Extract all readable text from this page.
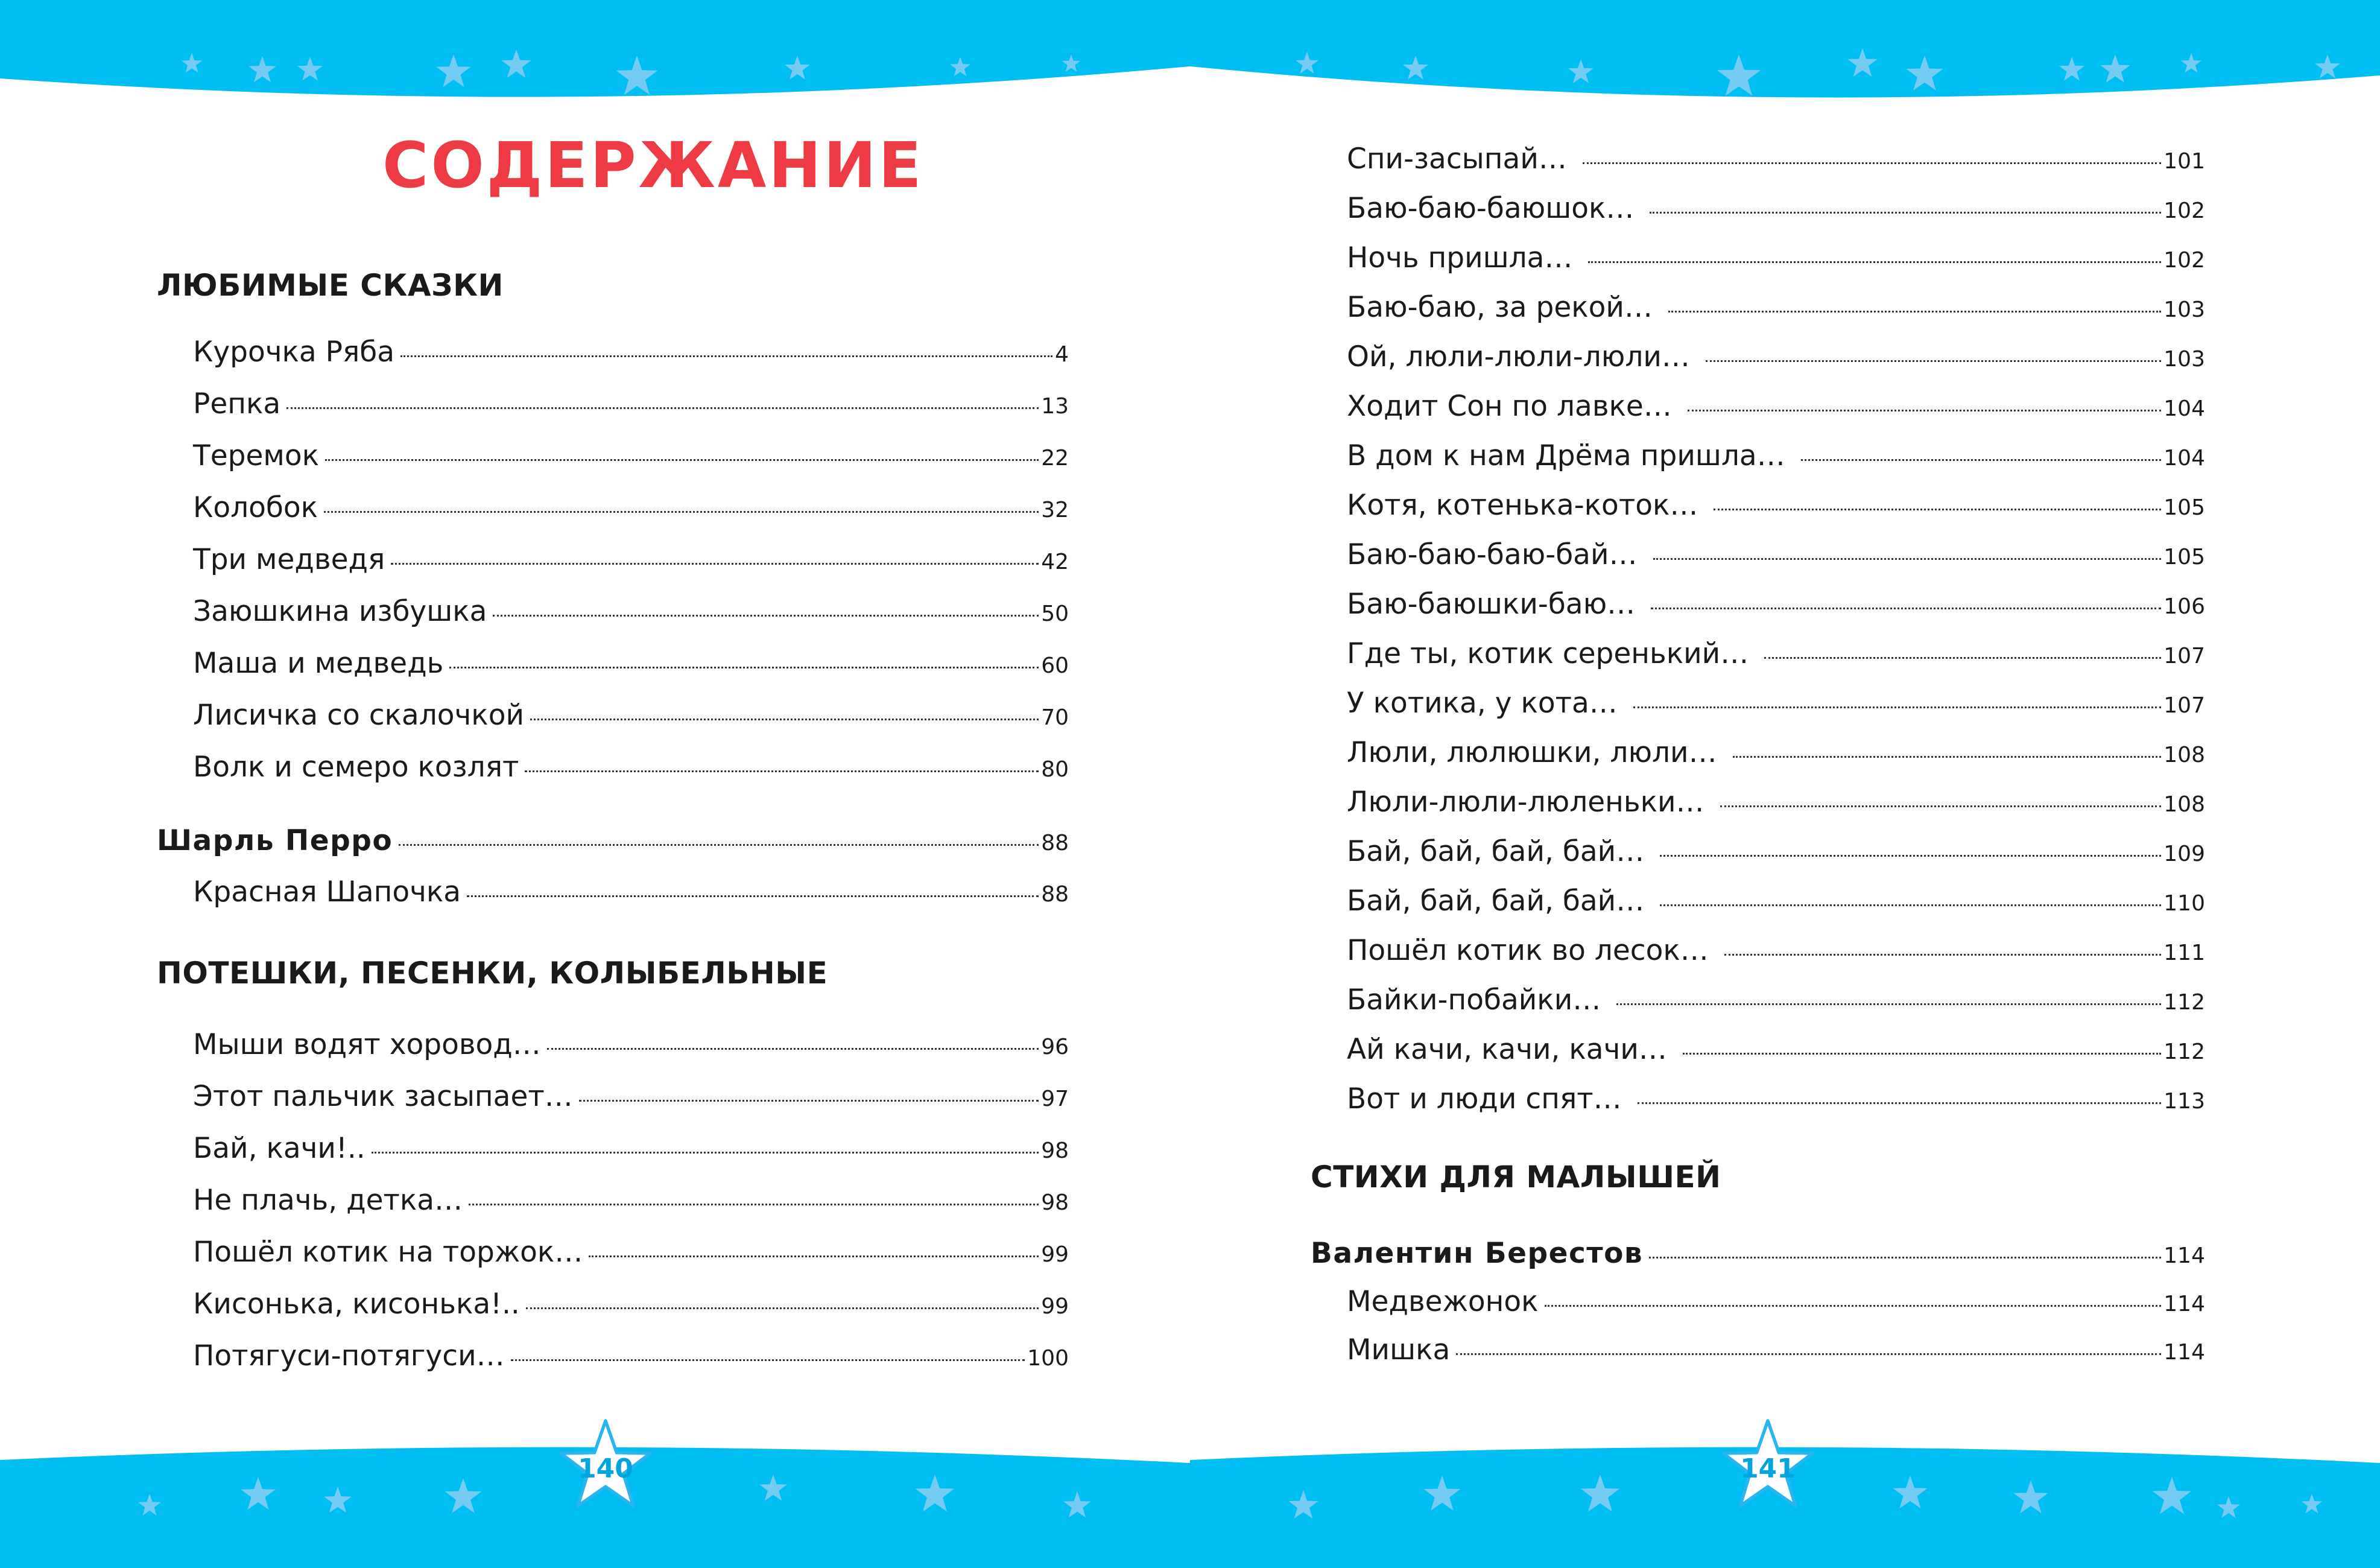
140
СОДЕРЖАНИЕ
ЛЮБИМЫЕ СКАЗКИ
Курочка Ряба	4
Репка	13
Теремок	22
Колобок	32
Три медведя	42
Заюшкина избушка	50
Маша и медведь	60
Лисичка со скалочкой	70
Волк и семеро козлят	80
Шарль Перро	88
Красная Шапочка	88
Мыши водят хоровод…	96
Этот пальчик засыпает…	97
Бай, качи!..	98
Не плачь, детка…	98
Пошёл котик на торжок…	99
Кисонька, кисонька!..	99
Потягуси-потягуси…	100
ПОТЕШКИ, ПЕСЕНКИ, КОЛЫБЕЛЬНЫЕ
141
Спи-засыпай…	101
Баю-баю-баюшок…	102
Ночь пришла…	102
Баю-баю, за рекой…	103
Ой, люли-люли-люли…	103
Ходит Сон по лавке…	104
В дом к нам Дрёма пришла…	104
Котя, котенька-коток…	105
Баю-баю-баю-бай…	105
Баю-баюшки-баю…	106
Где ты, котик серенький…	107
У котика, у кота…	107
Люли, люлюшки, люли…	108
Люли-люли-люленьки…	108
Бай, бай, бай, бай…	109
Бай, бай, бай, бай…	110
Пошёл котик во лесок…	111
Байки-побайки…	112
Ай качи, качи, качи…	112
Вот и люди спят…	113
Валентин Берестов	114
Медвежонок	114
Мишка	114
СТИХИ ДЛЯ МАЛЫШЕЙ
